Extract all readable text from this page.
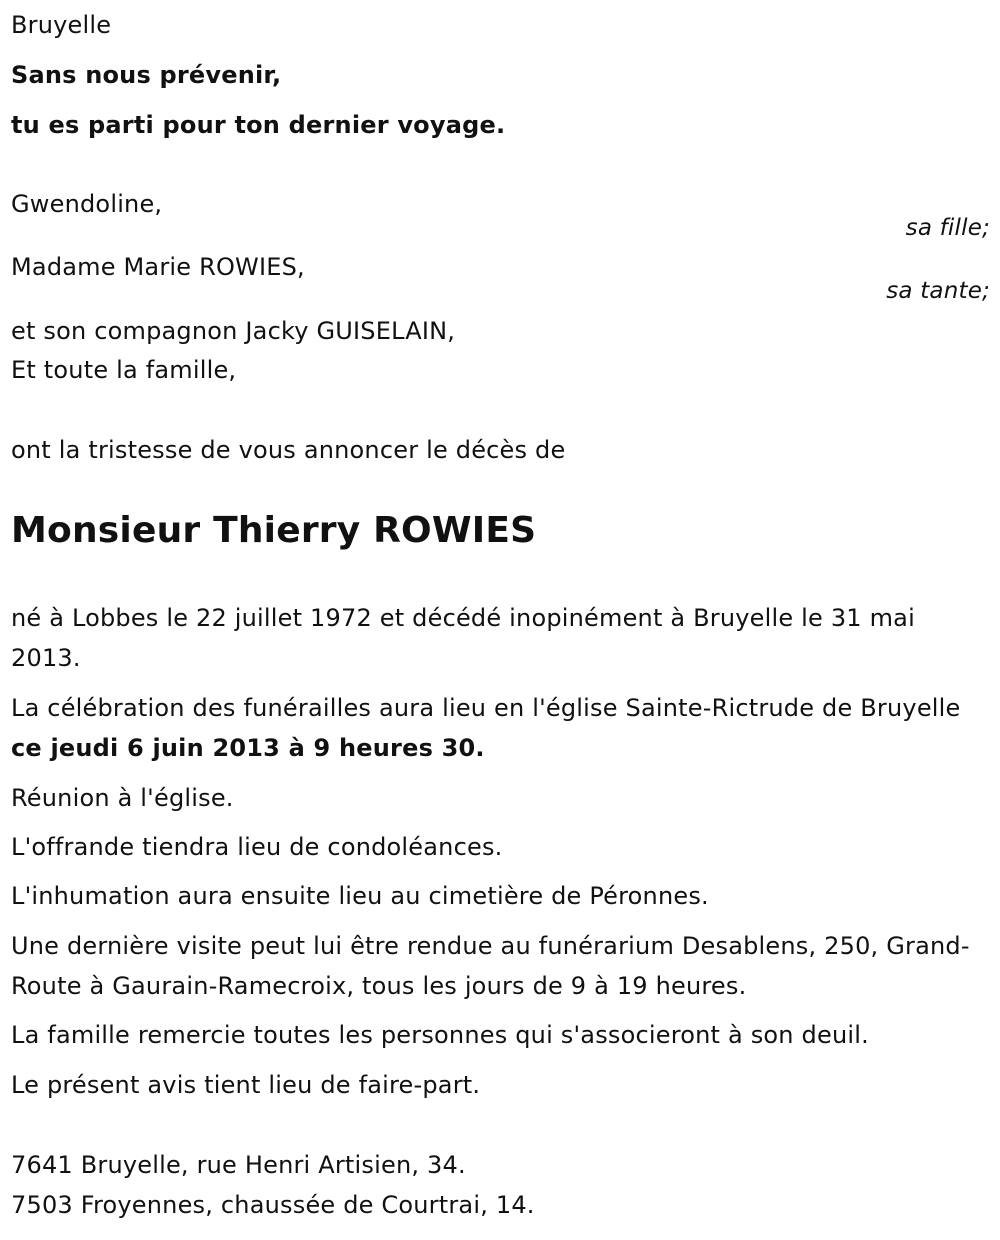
Bruyelle
Sans nous prévenir,
tu es parti pour ton dernier voyage.
Gwendoline,
sa fille;
Madame Marie ROWIES,
sa tante;
et son compagnon Jacky GUISELAIN,
Et toute la famille,
ont la tristesse de vous annoncer le décès de
Monsieur Thierry ROWIES
né à Lobbes le 22 juillet 1972 et décédé inopinément à Bruyelle le 31 mai 2013.
La célébration des funérailles aura lieu en l'église Sainte-Rictrude de Bruyelle ce jeudi 6 juin 2013 à 9 heures 30.
Réunion à l'église.
L'offrande tiendra lieu de condoléances.
L'inhumation aura ensuite lieu au cimetière de Péronnes.
Une dernière visite peut lui être rendue au funérarium Desablens, 250, Grand-Route à Gaurain-Ramecroix, tous les jours de 9 à 19 heures.
La famille remercie toutes les personnes qui s'associeront à son deuil.
Le présent avis tient lieu de faire-part.
7641 Bruyelle, rue Henri Artisien, 34.
7503 Froyennes, chaussée de Courtrai, 14.
